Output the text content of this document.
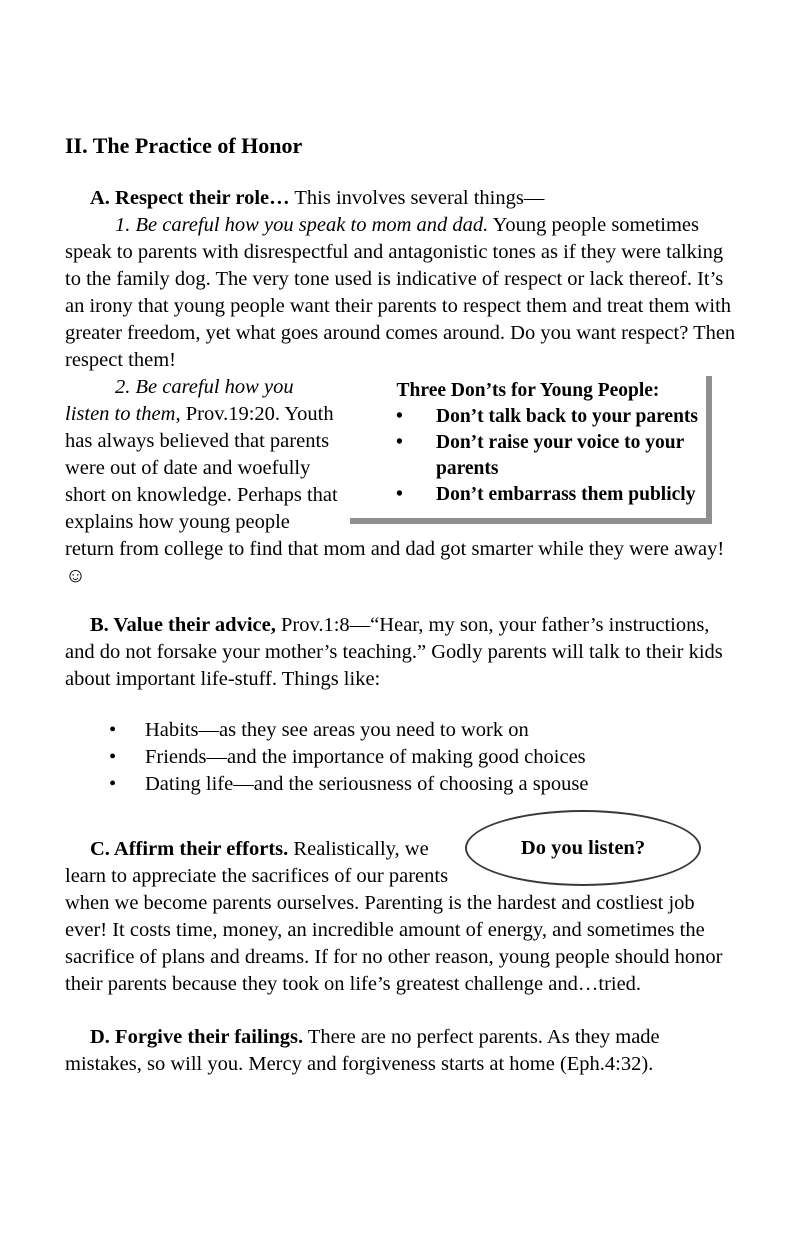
II. The Practice of Honor

A. Respect their role… This involves several things—

1. Be careful how you speak to mom and dad. Young people sometimes speak to parents with disrespectful and antagonistic tones as if they were talking to the family dog. The very tone used is indicative of respect or lack thereof. It’s an irony that young people want their parents to respect them and treat them with greater freedom, yet what goes around comes around. Do you want respect? Then respect them!

Three Don’ts for Young People:
•	Don’t talk back to your parents
•	Don’t raise your voice to your parents
•	Don’t embarrass them publicly

2. Be careful how you listen to them, Prov.19:20. Youth has always believed that parents were out of date and woefully short on knowledge. Perhaps that explains how young people return from college to find that mom and dad got smarter while they were away! ☺

B. Value their advice, Prov.1:8—“Hear, my son, your father’s instructions, and do not forsake your mother’s teaching.” Godly parents will talk to their kids about important life-stuff. Things like:

•	Habits—as they see areas you need to work on
•	Friends—and the importance of making good choices
•	Dating life—and the seriousness of choosing a spouse
Do you listen?

C. Affirm their efforts. Realistically, we learn to appreciate the sacrifices of our parents when we become parents ourselves. Parenting is the hardest and costliest job ever! It costs time, money, an incredible amount of energy, and sometimes the sacrifice of plans and dreams. If for no other reason, young people should honor their parents because they took on life’s greatest challenge and…tried.

D. Forgive their failings. There are no perfect parents. As they made mistakes, so will you. Mercy and forgiveness starts at home (Eph.4:32).
